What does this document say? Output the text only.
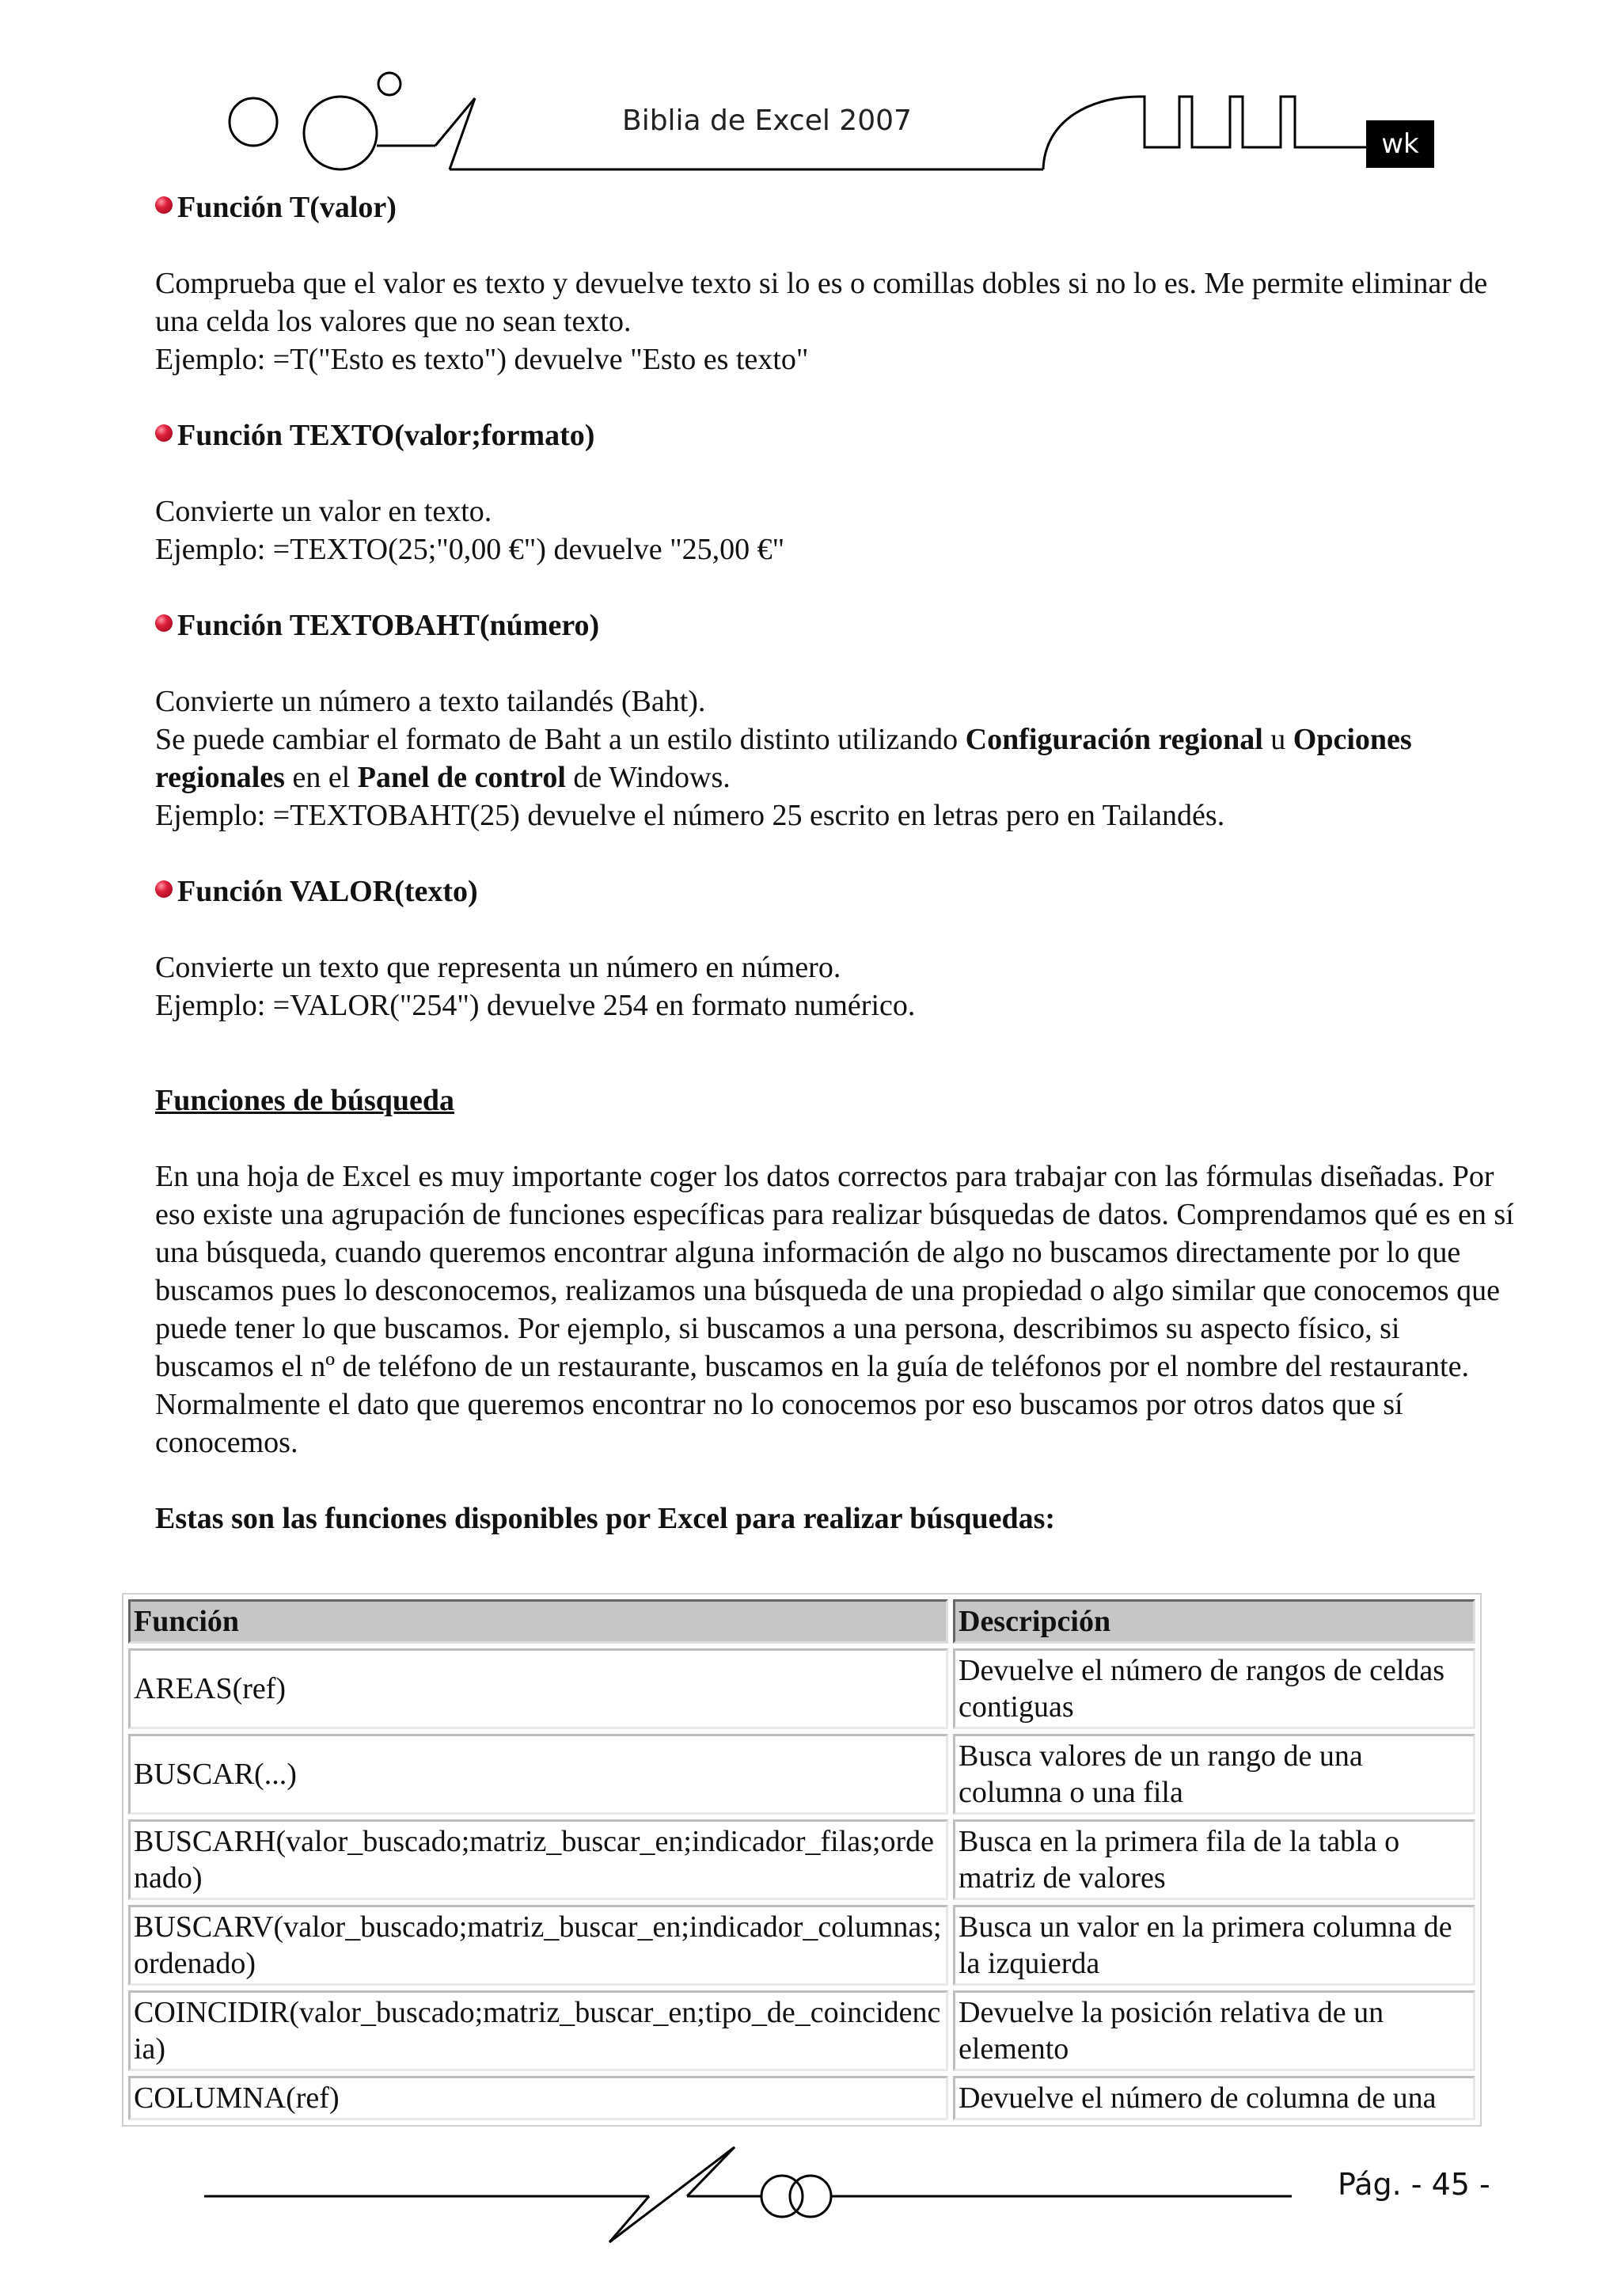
Biblia de Excel 2007
wk
Función T(valor)

Comprueba que el valor es texto y devuelve texto si lo es o comillas dobles si no lo es. Me permite eliminar de una celda los valores que no sean texto.

Ejemplo: =T("Esto es texto") devuelve "Esto es texto"

Función TEXTO(valor;formato)

Convierte un valor en texto.

Ejemplo: =TEXTO(25;"0,00 €") devuelve "25,00 €"

Función TEXTOBAHT(número)

Convierte un número a texto tailandés (Baht).

Se puede cambiar el formato de Baht a un estilo distinto utilizando Configuración regional u Opciones regionales en el Panel de control de Windows.

Ejemplo: =TEXTOBAHT(25) devuelve el número 25 escrito en letras pero en Tailandés.

Función VALOR(texto)

Convierte un texto que representa un número en número.

Ejemplo: =VALOR("254") devuelve 254 en formato numérico.

Funciones de búsqueda

En una hoja de Excel es muy importante coger los datos correctos para trabajar con las fórmulas diseñadas. Por eso existe una agrupación de funciones específicas para realizar búsquedas de datos. Comprendamos qué es en sí una búsqueda, cuando queremos encontrar alguna información de algo no buscamos directamente por lo que buscamos pues lo desconocemos, realizamos una búsqueda de una propiedad o algo similar que conocemos que puede tener lo que buscamos. Por ejemplo, si buscamos a una persona, describimos su aspecto físico, si buscamos el nº de teléfono de un restaurante, buscamos en la guía de teléfonos por el nombre del restaurante. Normalmente el dato que queremos encontrar no lo conocemos por eso buscamos por otros datos que sí conocemos.

Estas son las funciones disponibles por Excel para realizar búsquedas:

Función	Descripción
AREAS(ref)	Devuelve el número de rangos de celdas contiguas
BUSCAR(...)	Busca valores de un rango de una columna o una fila
BUSCARH(valor_buscado;matriz_buscar_en;indicador_filas;ordenado)	Busca en la primera fila de la tabla o matriz de valores
BUSCARV(valor_buscado;matriz_buscar_en;indicador_columnas;ordenado)	Busca un valor en la primera columna de la izquierda
COINCIDIR(valor_buscado;matriz_buscar_en;tipo_de_coincidencia)	Devuelve la posición relativa de un elemento
COLUMNA(ref)	Devuelve el número de columna de una
Pág. - 45 -
